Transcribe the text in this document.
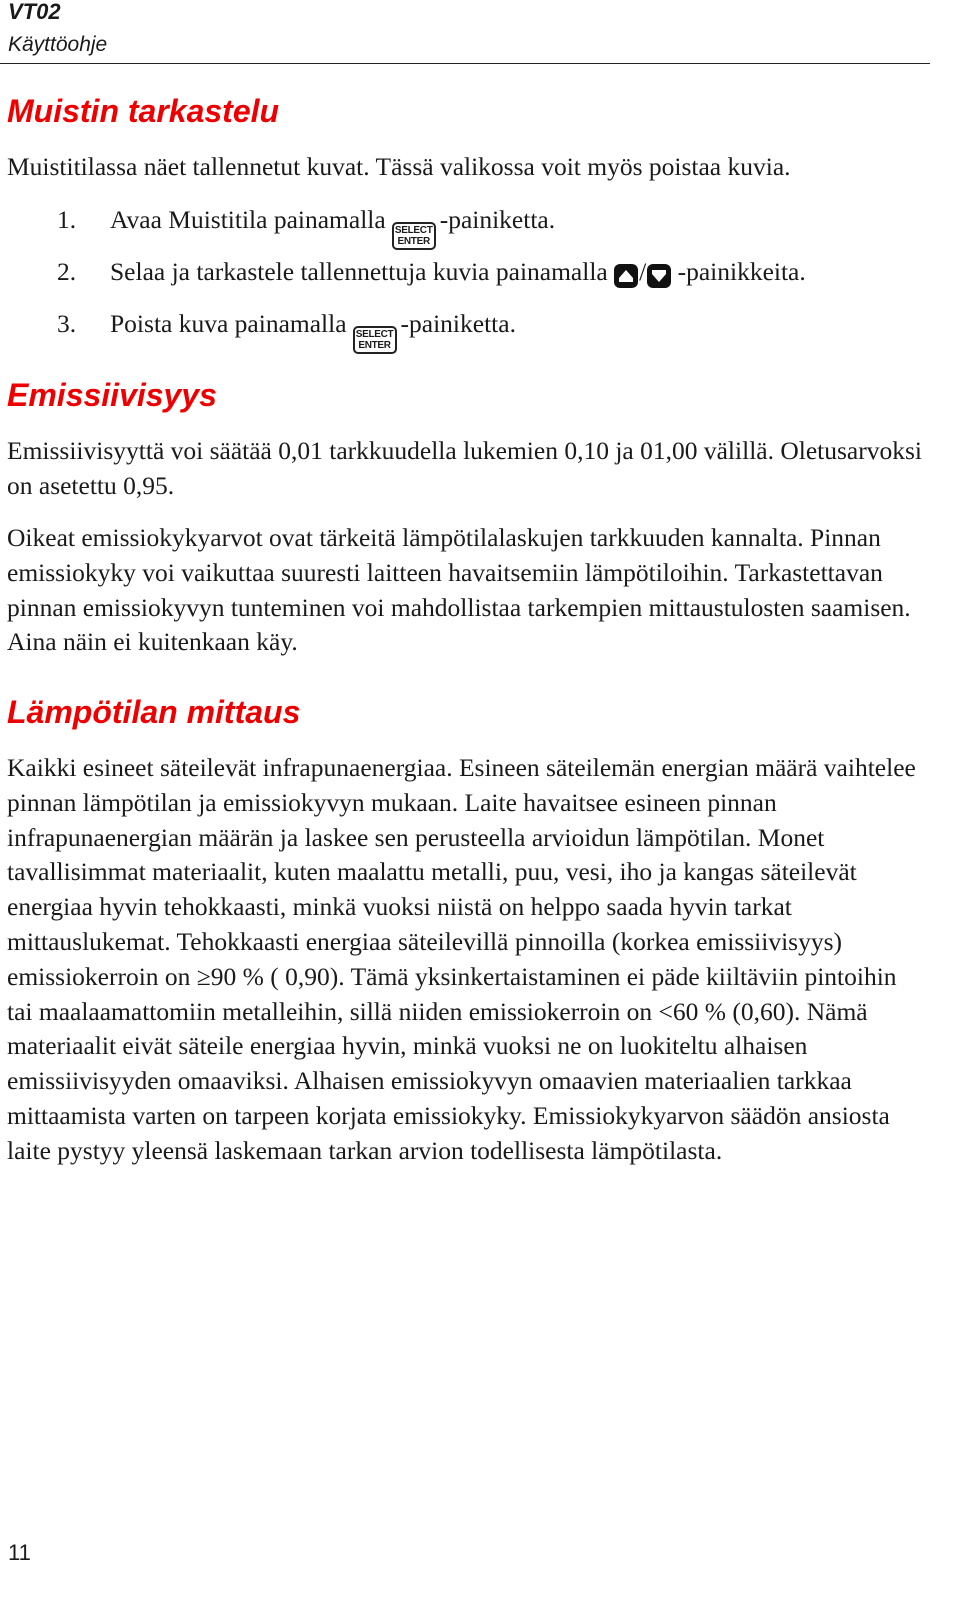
VT02
Käyttöohje
Muistin tarkastelu

Muistitilassa näet tallennetut kuvat. Tässä valikossa voit myös poistaa kuvia.

1. Avaa Muistitila painamalla SELECT
ENTER
-painiketta.
2. Selaa ja tarkastele tallennettuja kuvia painamalla / -painikkeita.
3. Poista kuva painamalla SELECT
ENTER
-painiketta.
Emissiivisyys

Emissiivisyyttä voi säätää 0,01 tarkkuudella lukemien 0,10 ja 01,00 välillä. Oletusarvoksi on asetettu 0,95.

Oikeat emissiokykyarvot ovat tärkeitä lämpötilalaskujen tarkkuuden kannalta. Pinnan emissiokyky voi vaikuttaa suuresti laitteen havaitsemiin lämpötiloihin. Tarkastettavan pinnan emissiokyvyn tunteminen voi mahdollistaa tarkempien mittaustulosten saamisen. Aina näin ei kuitenkaan käy.

Lämpötilan mittaus

Kaikki esineet säteilevät infrapunaenergiaa. Esineen säteilemän energian määrä vaihtelee pinnan lämpötilan ja emissiokyvyn mukaan. Laite havaitsee esineen pinnan infrapunaenergian määrän ja laskee sen perusteella arvioidun lämpötilan. Monet tavallisimmat materiaalit, kuten maalattu metalli, puu, vesi, iho ja kangas säteilevät energiaa hyvin tehokkaasti, minkä vuoksi niistä on helppo saada hyvin tarkat mittauslukemat. Tehokkaasti energiaa säteilevillä pinnoilla (korkea emissiivisyys) emissiokerroin on ≥90 % ( 0,90). Tämä yksinkertaistaminen ei päde kiiltäviin pintoihin tai maalaamattomiin metalleihin, sillä niiden emissiokerroin on <60 % (0,60). Nämä materiaalit eivät säteile energiaa hyvin, minkä vuoksi ne on luokiteltu alhaisen emissiivisyyden omaaviksi. Alhaisen emissiokyvyn omaavien materiaalien tarkkaa mittaamista varten on tarpeen korjata emissiokyky. Emissiokykyarvon säädön ansiosta laite pystyy yleensä laskemaan tarkan arvion todellisesta lämpötilasta.

11
